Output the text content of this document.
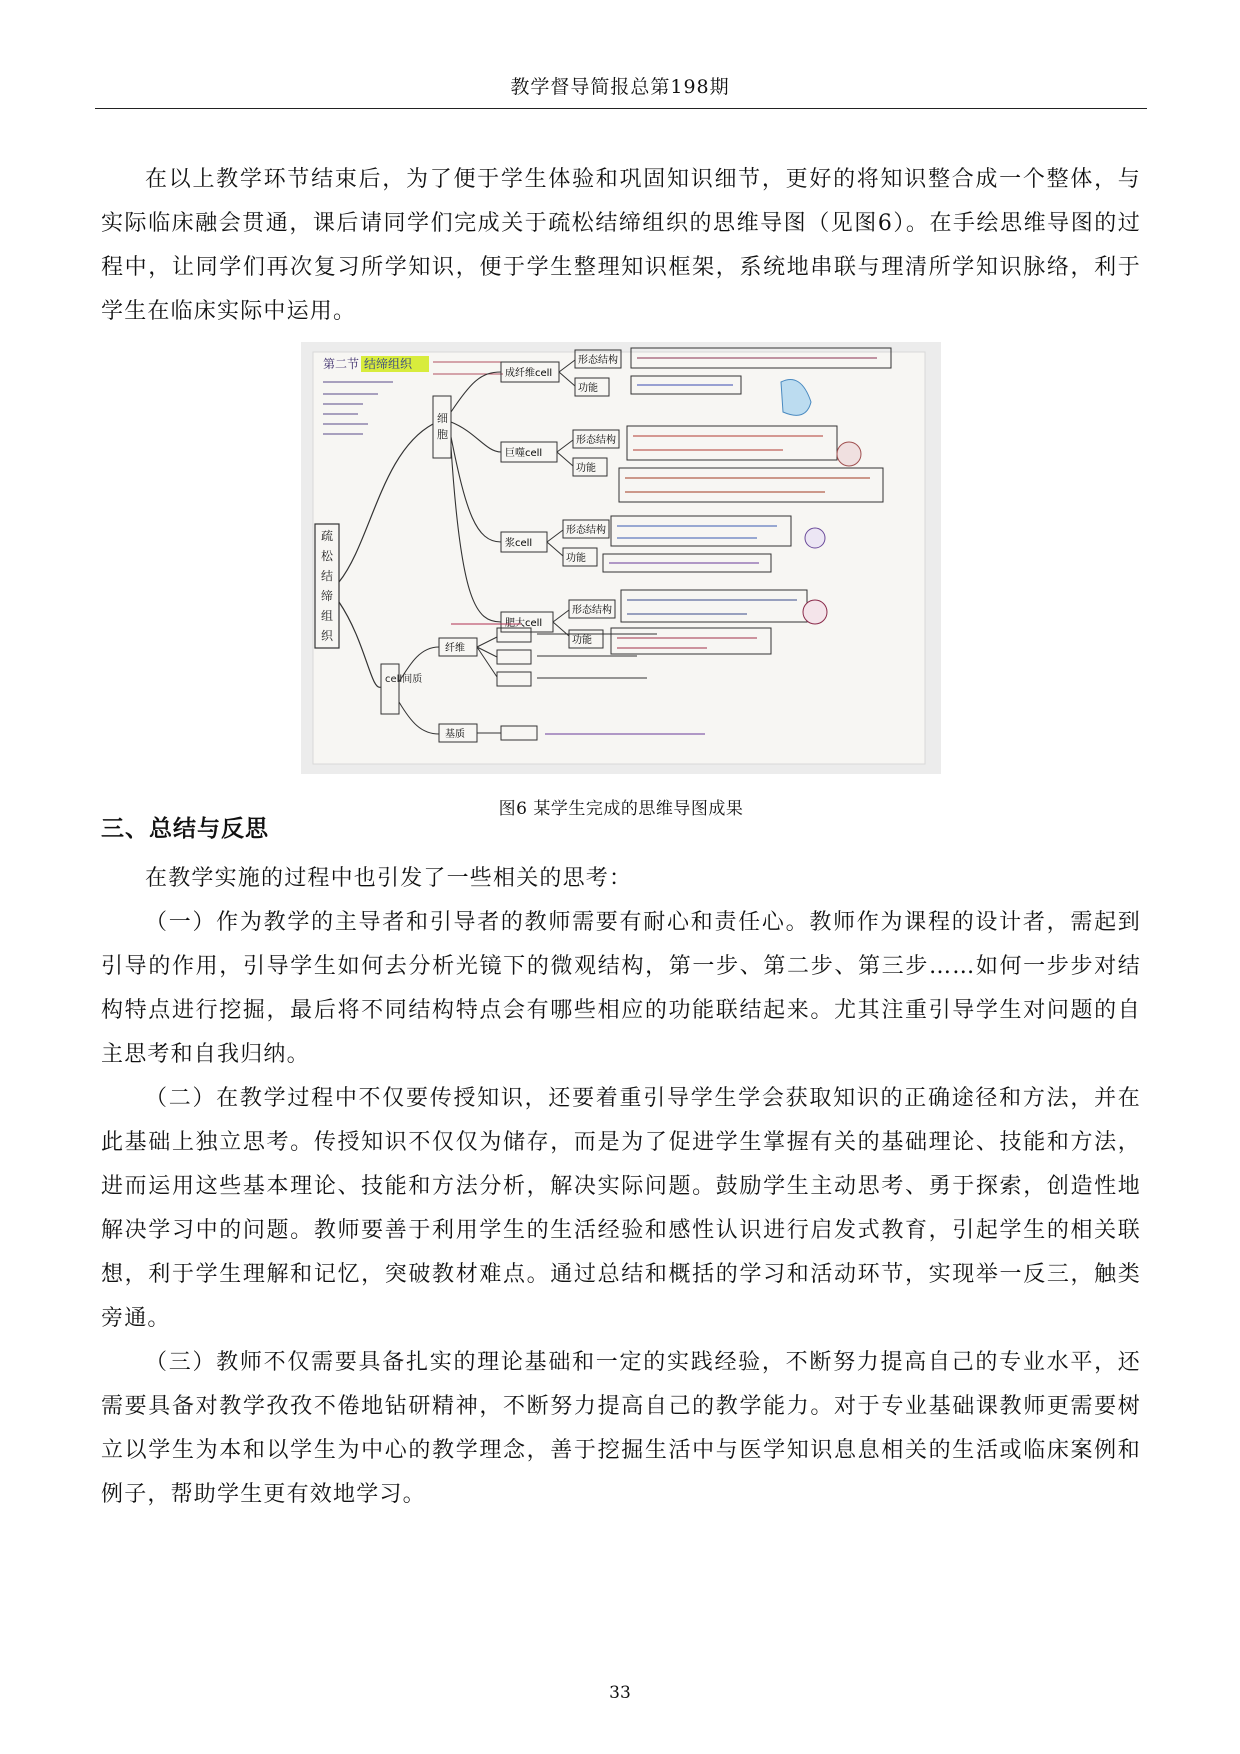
教学督导简报总第198期

在以上教学环节结束后，为了便于学生体验和巩固知识细节，更好的将知识整合成一个整体，与实际临床融会贯通，课后请同学们完成关于疏松结缔组织的思维导图（见图6）。在手绘思维导图的过程中，让同学们再次复习所学知识，便于学生整理知识框架，系统地串联与理清所学知识脉络，利于学生在临床实际中运用。

第二节 结缔组织
疏松结缔组织
细胞
cell间质
成纤维cell
巨噬cell
浆cell
肥大cell
形态结构
功能
形态结构
功能
形态结构
功能
形态结构
功能
纤维
基质
图6 某学生完成的思维导图成果
三、总结与反思

在教学实施的过程中也引发了一些相关的思考：

（一）作为教学的主导者和引导者的教师需要有耐心和责任心。教师作为课程的设计者，需起到引导的作用，引导学生如何去分析光镜下的微观结构，第一步、第二步、第三步……如何一步步对结构特点进行挖掘，最后将不同结构特点会有哪些相应的功能联结起来。尤其注重引导学生对问题的自主思考和自我归纳。

（二）在教学过程中不仅要传授知识，还要着重引导学生学会获取知识的正确途径和方法，并在此基础上独立思考。传授知识不仅仅为储存，而是为了促进学生掌握有关的基础理论、技能和方法，进而运用这些基本理论、技能和方法分析，解决实际问题。鼓励学生主动思考、勇于探索，创造性地解决学习中的问题。教师要善于利用学生的生活经验和感性认识进行启发式教育，引起学生的相关联想，利于学生理解和记忆，突破教材难点。通过总结和概括的学习和活动环节，实现举一反三，触类旁通。

（三）教师不仅需要具备扎实的理论基础和一定的实践经验，不断努力提高自己的专业水平，还需要具备对教学孜孜不倦地钻研精神，不断努力提高自己的教学能力。对于专业基础课教师更需要树立以学生为本和以学生为中心的教学理念，善于挖掘生活中与医学知识息息相关的生活或临床案例和例子，帮助学生更有效地学习。

33
